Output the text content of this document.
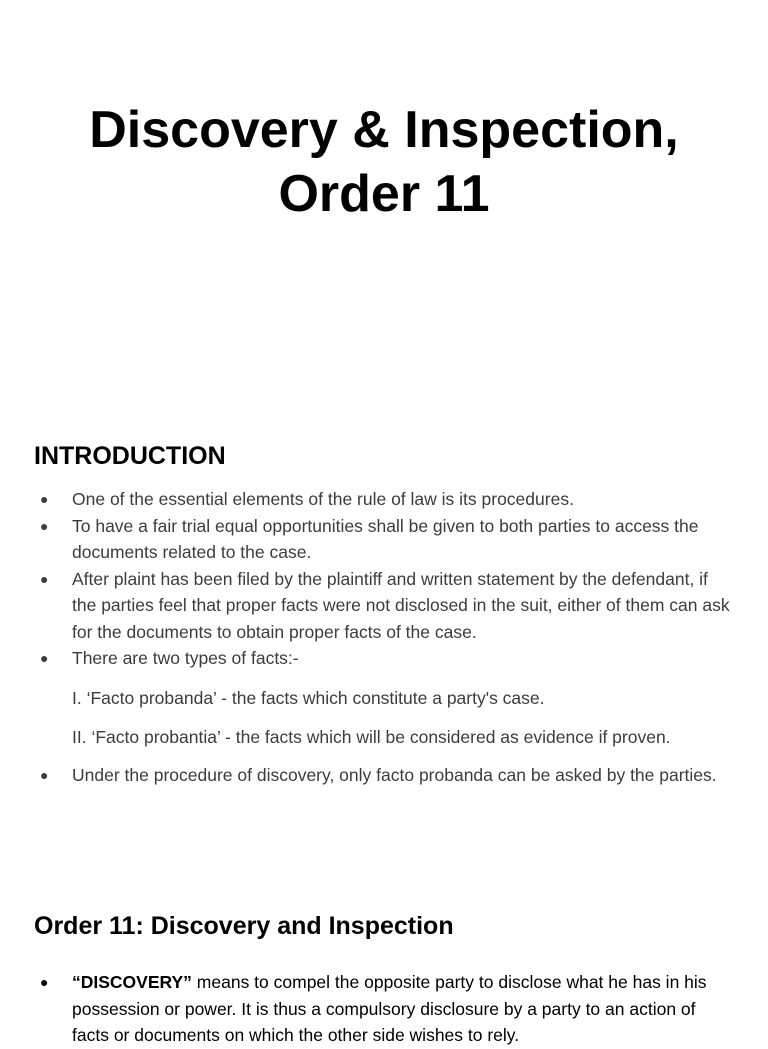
Discovery & Inspection,
Order 11
INTRODUCTION
● One of the essential elements of the rule of law is its procedures.
● To have a fair trial equal opportunities shall be given to both parties to access the documents related to the case.
● After plaint has been filed by the plaintiff and written statement by the defendant, if the parties feel that proper facts were not disclosed in the suit, either of them can ask for the documents to obtain proper facts of the case.
● There are two types of facts:-
I. ‘Facto probanda’ - the facts which constitute a party's case.
II. ‘Facto probantia’ - the facts which will be considered as evidence if proven.
● Under the procedure of discovery, only facto probanda can be asked by the parties.
Order 11: Discovery and Inspection
● “DISCOVERY” means to compel the opposite party to disclose what he has in his possession or power. It is thus a compulsory disclosure by a party to an action of facts or documents on which the other side wishes to rely.
